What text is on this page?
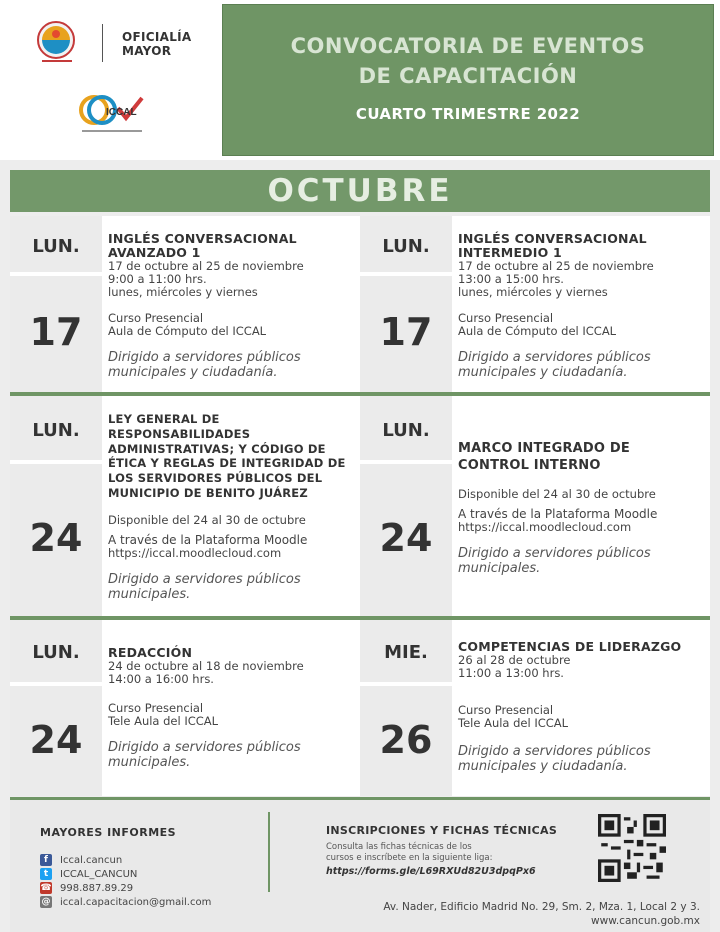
OFICIALÍA
MAYOR
ICCAL
CONVOCATORIA DE EVENTOS
DE CAPACITACIÓN
CUARTO TRIMESTRE 2022
OCTUBRE
LUN.
17
INGLÉS CONVERSACIONAL
AVANZADO 1
17 de octubre al 25 de noviembre
9:00 a 11:00 hrs.
lunes, miércoles y viernes
Curso Presencial
Aula de Cómputo del ICCAL
Dirigido a servidores públicos
municipales y ciudadanía.
LUN.
17
INGLÉS CONVERSACIONAL
INTERMEDIO 1
17 de octubre al 25 de noviembre
13:00 a 15:00 hrs.
lunes, miércoles y viernes
Curso Presencial
Aula de Cómputo del ICCAL
Dirigido a servidores públicos
municipales y ciudadanía.
LUN.
24
LEY GENERAL DE
RESPONSABILIDADES
ADMINISTRATIVAS; Y CÓDIGO DE
ÉTICA Y REGLAS DE INTEGRIDAD DE
LOS SERVIDORES PÚBLICOS DEL
MUNICIPIO DE BENITO JUÁREZ
Disponible del 24 al 30 de octubre
A través de la Plataforma Moodle
https://iccal.moodlecloud.com
Dirigido a servidores públicos
municipales.
LUN.
24
MARCO INTEGRADO DE
CONTROL INTERNO
Disponible del 24 al 30 de octubre
A través de la Plataforma Moodle
https://iccal.moodlecloud.com
Dirigido a servidores públicos
municipales.
LUN.
24
REDACCIÓN
24 de octubre al 18 de noviembre
14:00 a 16:00 hrs.
Curso Presencial
Tele Aula del ICCAL
Dirigido a servidores públicos
municipales.
MIE.
26
COMPETENCIAS DE LIDERAZGO
26 al 28 de octubre
11:00 a 13:00 hrs.
Curso Presencial
Tele Aula del ICCAL
Dirigido a servidores públicos
municipales y ciudadanía.
MAYORES INFORMES
f	Iccal.cancun
t	ICCAL_CANCUN
☎ 998.887.89.29
@ iccal.capacitacion@gmail.com
INSCRIPCIONES Y FICHAS TÉCNICAS
Consulta las fichas técnicas de los
cursos e inscríbete en la siguiente liga:
https://forms.gle/L69RXUd82U3dpqPx6
Av. Nader, Edificio Madrid No. 29, Sm. 2, Mza. 1, Local 2 y 3.
www.cancun.gob.mx
